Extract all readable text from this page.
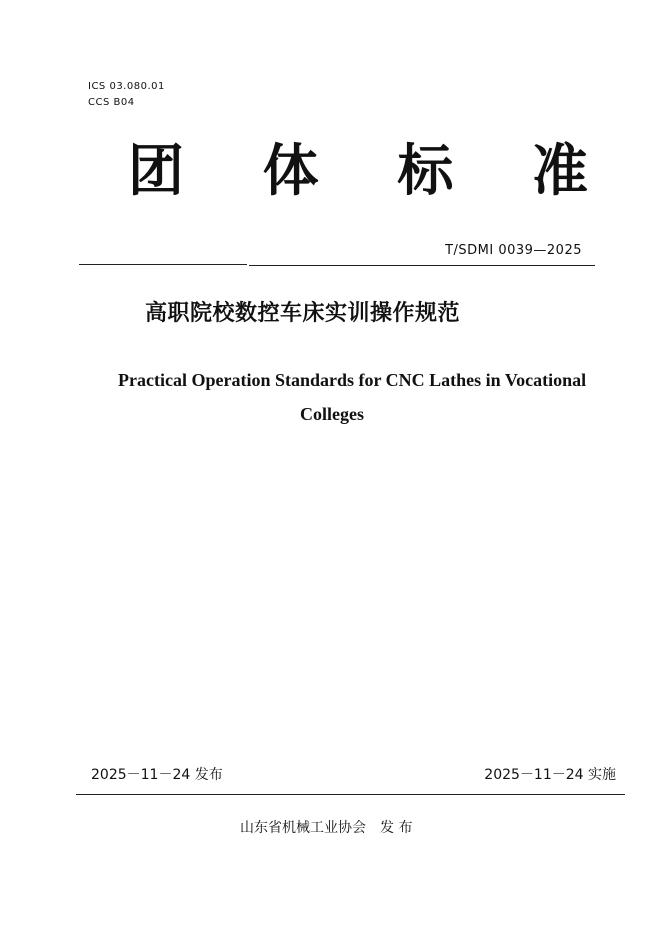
ICS 03.080.01
CCS B04
团 体 标 准
T/SDMI 0039—2025
高职院校数控车床实训操作规范
Practical Operation Standards for CNC Lathes in Vocational
Colleges
2025－11－24 发布	2025－11－24 实施
山东省机械工业协会 发 布
